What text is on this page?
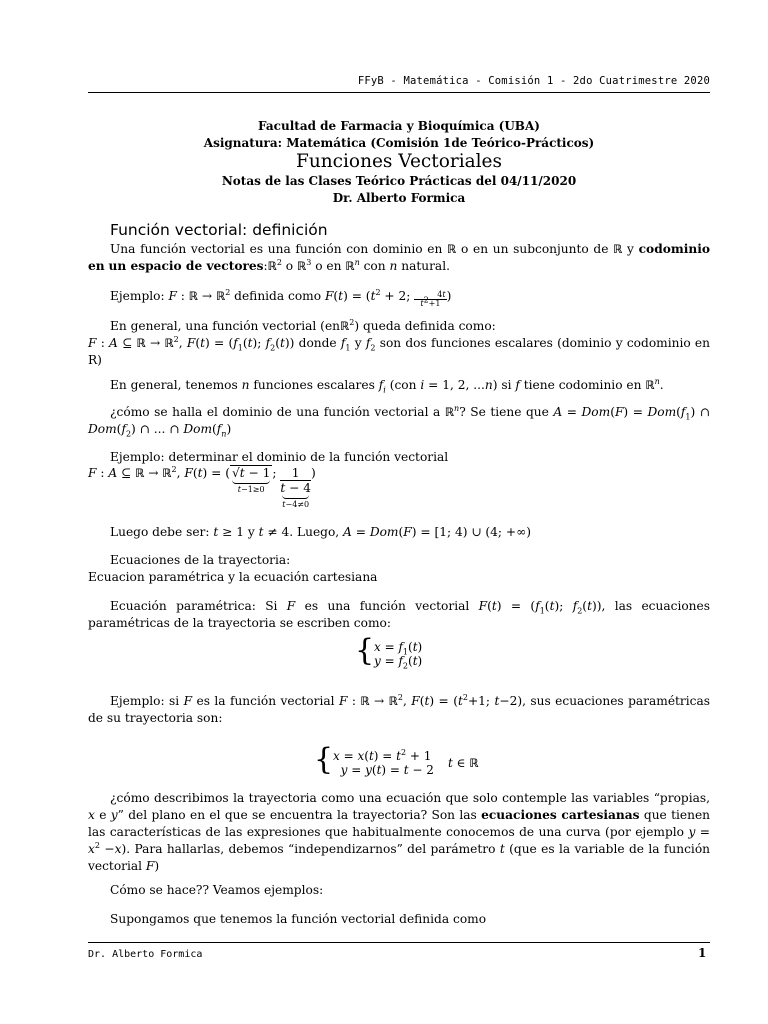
FFyB - Matemática - Comisión 1 - 2do Cuatrimestre 2020
Facultad de Farmacia y Bioquímica (UBA)
Asignatura: Matemática (Comisión 1de Teórico-Prácticos)
Funciones Vectoriales
Notas de las Clases Teórico Prácticas del 04/11/2020
Dr. Alberto Formica
Función vectorial: definición
Una función vectorial es una función con dominio en ℝ o en un subconjunto de ℝ y codominio en un espacio de vectores:ℝ$^2$ o ℝ$^3$ o en ℝ$^n$ con n natural.
Ejemplo: F : ℝ → ℝ$^2$ definida como $F(t) = (t^2 + 2$; $\frac{4t}{t^2+1}$)
En general, una función vectorial (enℝ$^2$) queda definida como:
F : A ⊆ ℝ → ℝ$^2$, $F(t) = (f_1(t)$; $f_2(t)$) donde $f_1$ y $f_2$ son dos funciones escalares (dominio y codominio en R)
En general, tenemos n funciones escalares $f_i$ (con i = 1, 2, ...n) si f tiene codominio en ℝ$^n$.
¿cómo se halla el dominio de una función vectorial a ℝ$^n$? Se tiene que $A = Dom(F) = Dom(f_1)$ ∩ $Dom(f_2)$ ∩ ... ∩ $Dom(f_n)$
Ejemplo: determinar el dominio de la función vectorial
F : A ⊆ ℝ → ℝ$^2$, F(t) = ( √t − 1
t−1≥0
; $\frac{1}{t - 4}$
t−4≠0
)
Luego debe ser: t ≥ 1 y t ≠ 4. Luego, A = Dom(F) = [1; 4) ∪ (4; +∞)
Ecuaciones de la trayectoria:
Ecuacion paramétrica y la ecuación cartesiana
Ecuación paramétrica: Si F es una función vectorial $F(t) = (f_1(t)$; $f_2(t)$), las ecuaciones paramétricas de la trayectoria se escriben como:
{ $x = f_1(t)$
$y = f_2(t)$
Ejemplo: si F es la función vectorial F : ℝ → ℝ$^2$, $F(t) = (t^2+1$; t−2), sus ecuaciones paramétricas de su trayectoria son:
{ $x = x(t) = t^2 + 1$
y = y(t) = t − 2 t ∈ ℝ
¿cómo describimos la trayectoria como una ecuación que solo contemple las variables “propias, x e y” del plano en el que se encuentra la trayectoria? Son las ecuaciones cartesianas que tienen las características de las expresiones que habitualmente conocemos de una curva (por ejemplo $y = x^2 -x$). Para hallarlas, debemos “independizarnos” del parámetro t (que es la variable de la función vectorial F)
Cómo se hace?? Veamos ejemplos:
Supongamos que tenemos la función vectorial definida como
Dr. Alberto Formica	1
